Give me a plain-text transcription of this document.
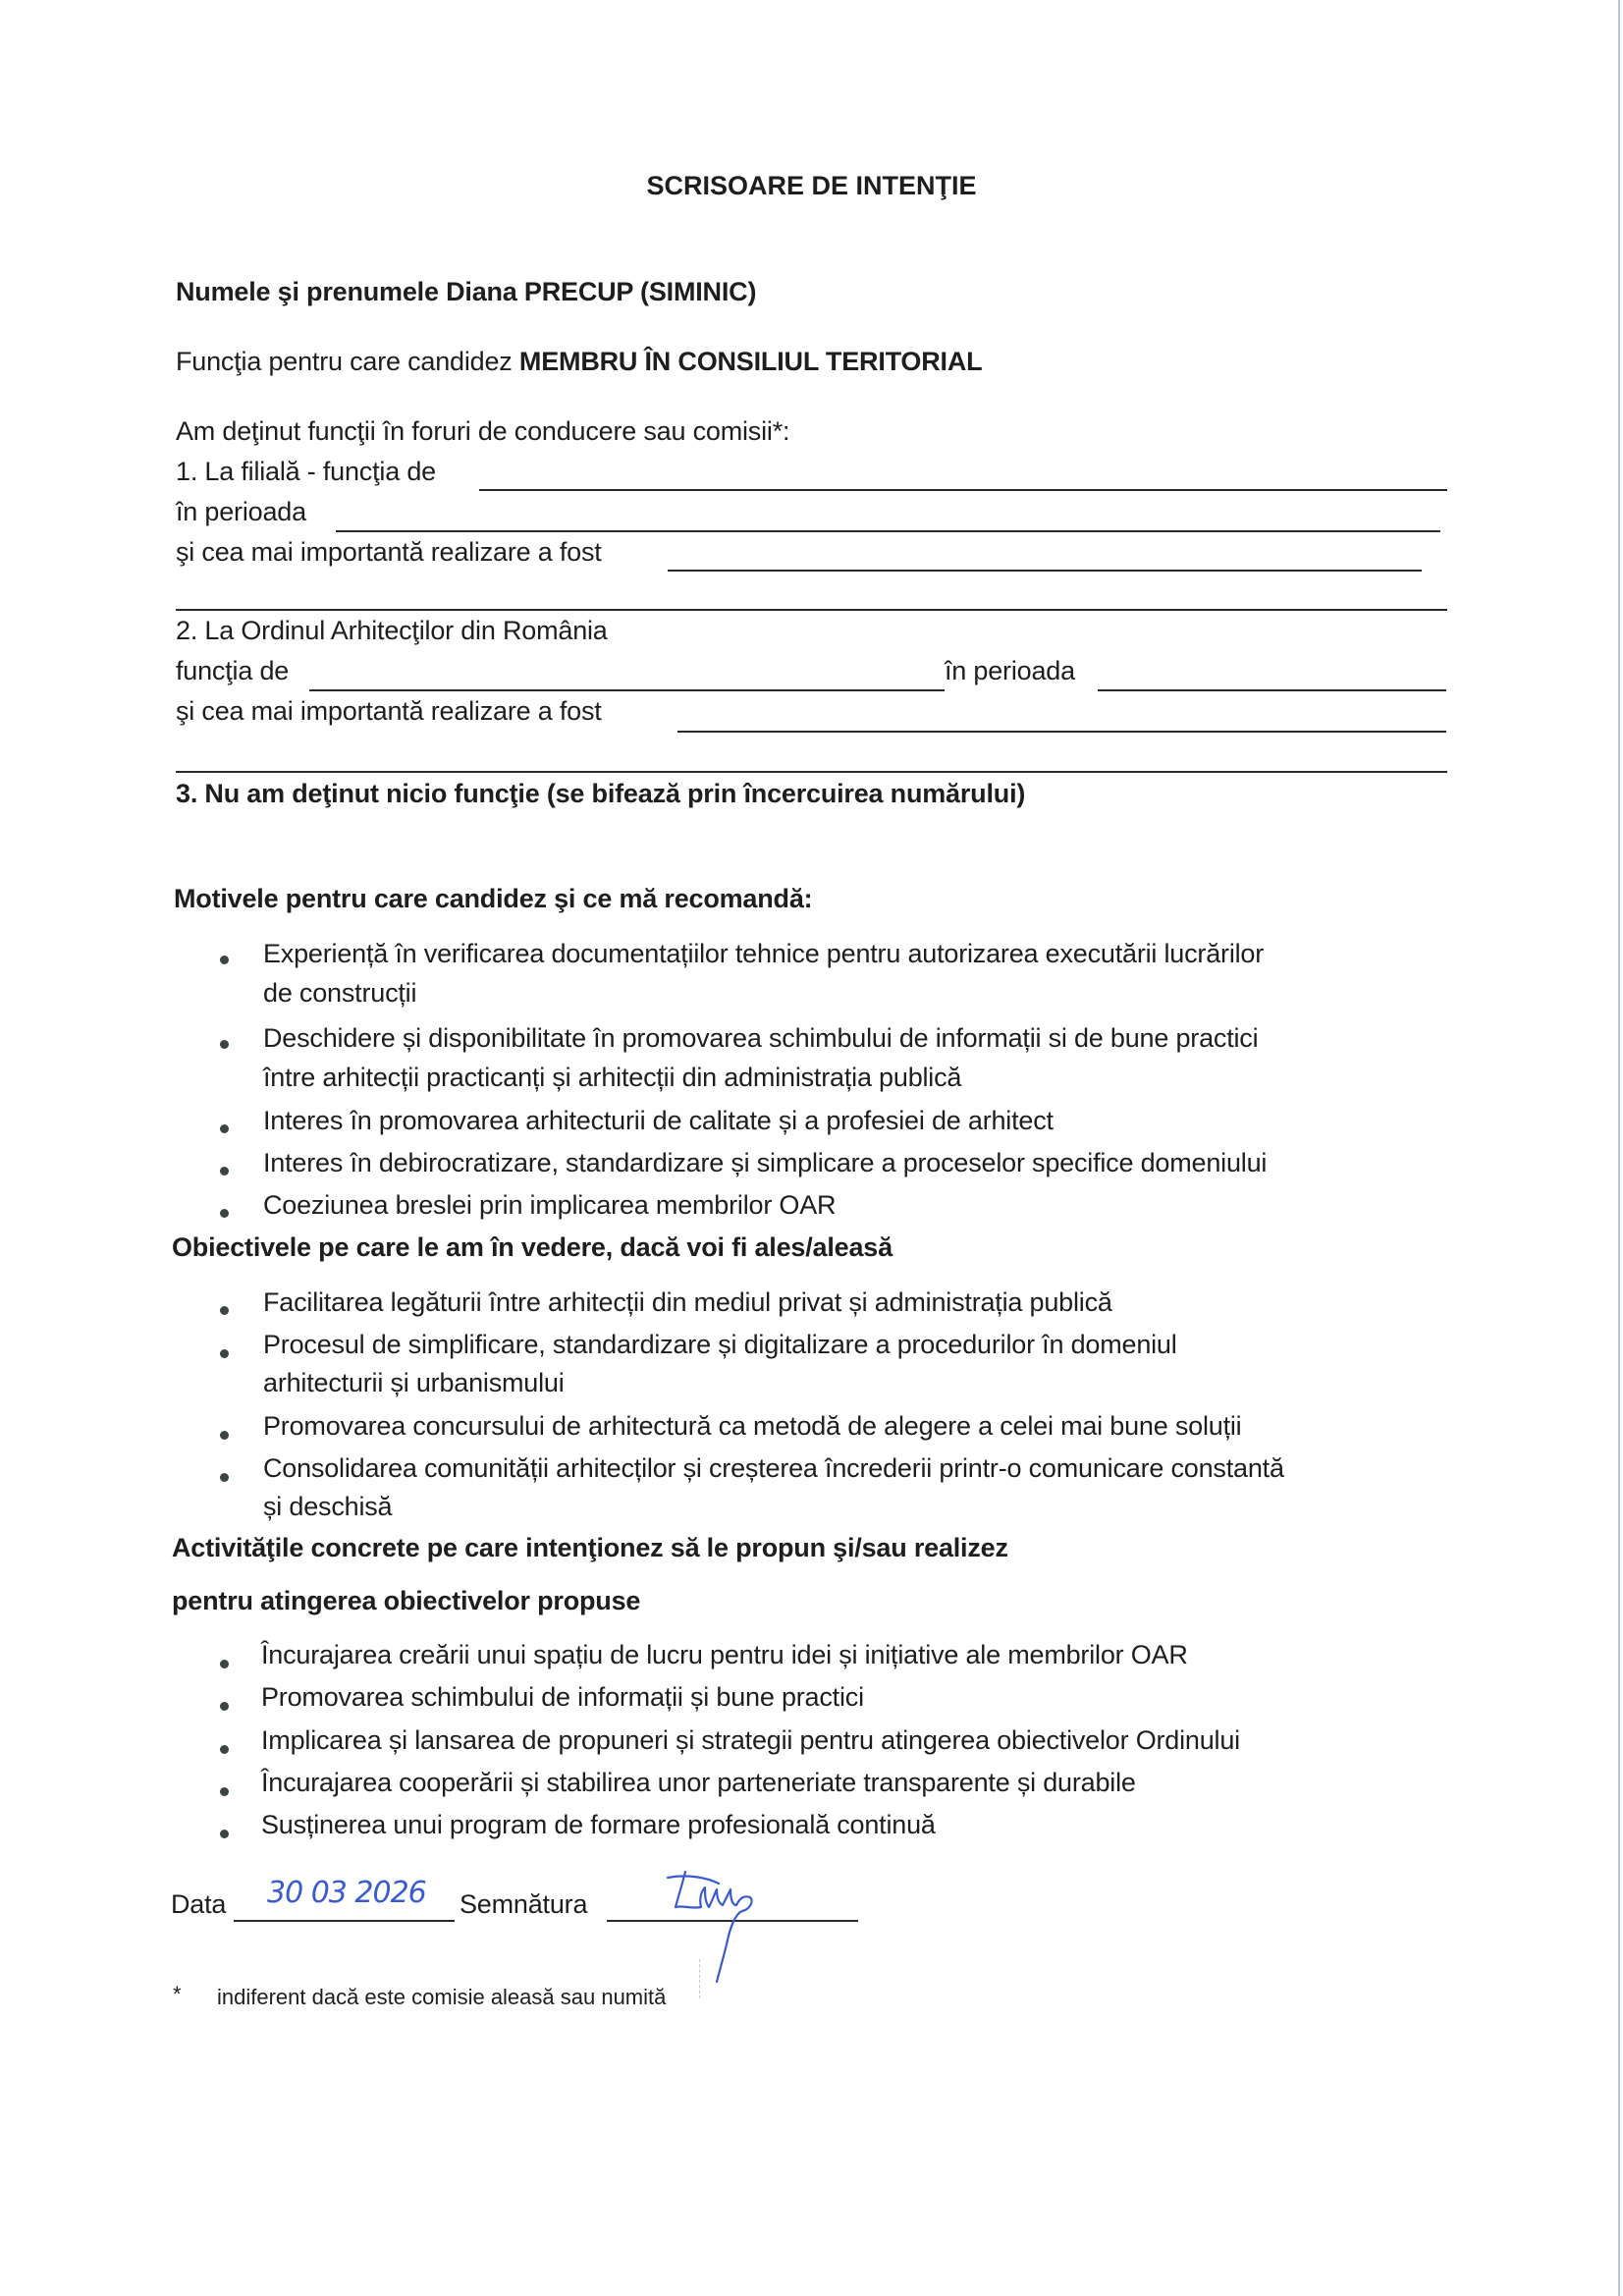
SCRISOARE DE INTENŢIE
Numele şi prenumele Diana PRECUP (SIMINIC)
Funcţia pentru care candidez MEMBRU ÎN CONSILIUL TERITORIAL
Am deţinut funcţii în foruri de conducere sau comisii*:
1. La filială - funcţia de
în perioada
şi cea mai importantă realizare a fost
2. La Ordinul Arhitecţilor din România
funcţia de	în perioada
şi cea mai importantă realizare a fost
3. Nu am deţinut nicio funcţie (se bifează prin încercuirea numărului)
Motivele pentru care candidez şi ce mă recomandă:
Experiență în verificarea documentațiilor tehnice pentru autorizarea executării lucrărilor
de construcții
Deschidere și disponibilitate în promovarea schimbului de informații si de bune practici
între arhitecții practicanți și arhitecții din administrația publică
Interes în promovarea arhitecturii de calitate și a profesiei de arhitect
Interes în debirocratizare, standardizare și simplicare a proceselor specifice domeniului
Coeziunea breslei prin implicarea membrilor OAR
Obiectivele pe care le am în vedere, dacă voi fi ales/aleasă
Facilitarea legăturii între arhitecții din mediul privat și administrația publică
Procesul de simplificare, standardizare și digitalizare a procedurilor în domeniul
arhitecturii și urbanismului
Promovarea concursului de arhitectură ca metodă de alegere a celei mai bune soluții
Consolidarea comunității arhitecților și creșterea încrederii printr-o comunicare constantă
și deschisă
Activităţile concrete pe care intenţionez să le propun şi/sau realizez
pentru atingerea obiectivelor propuse
Încurajarea creării unui spațiu de lucru pentru idei și inițiative ale membrilor OAR
Promovarea schimbului de informații și bune practici
Implicarea și lansarea de propuneri și strategii pentru atingerea obiectivelor Ordinului
Încurajarea cooperării și stabilirea unor parteneriate transparente și durabile
Susținerea unui program de formare profesională continuă
Data 30 03 2026 Semnătura
* indiferent dacă este comisie aleasă sau numită
